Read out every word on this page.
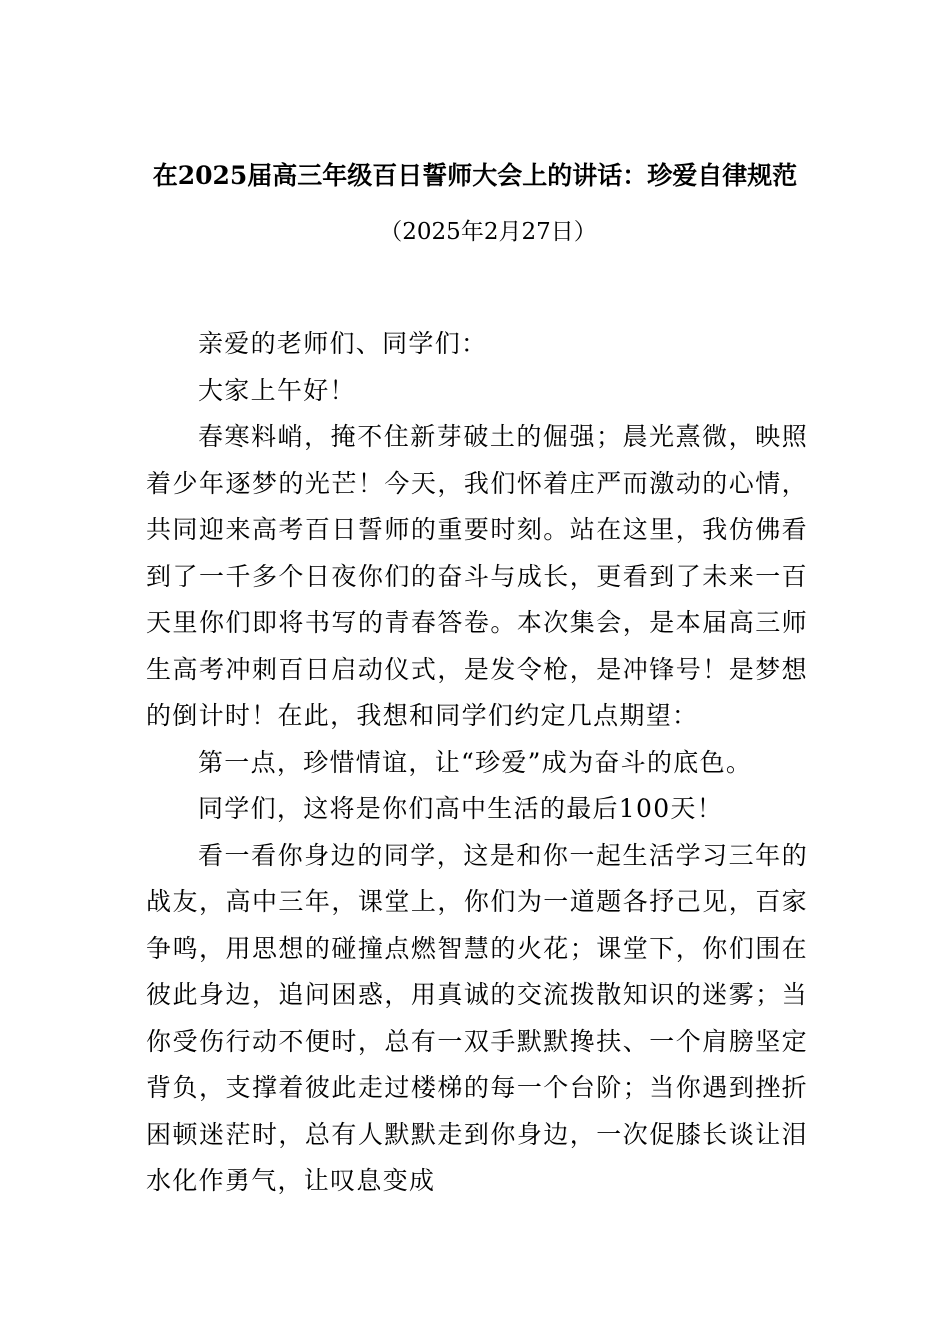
在2025届高三年级百日誓师大会上的讲话：珍爱自律规范
（2025年2月27日）

亲爱的老师们、同学们：

大家上午好！

春寒料峭，掩不住新芽破土的倔强；晨光熹微，映照着少年逐梦的光芒！今天，我们怀着庄严而激动的心情，共同迎来高考百日誓师的重要时刻。站在这里，我仿佛看到了一千多个日夜你们的奋斗与成长，更看到了未来一百天里你们即将书写的青春答卷。本次集会，是本届高三师生高考冲刺百日启动仪式，是发令枪，是冲锋号！是梦想的倒计时！在此，我想和同学们约定几点期望：

第一点，珍惜情谊，让“珍爱”成为奋斗的底色。

同学们，这将是你们高中生活的最后100天！

看一看你身边的同学，这是和你一起生活学习三年的战友，高中三年，课堂上，你们为一道题各抒己见，百家争鸣，用思想的碰撞点燃智慧的火花；课堂下，你们围在彼此身边，追问困惑，用真诚的交流拨散知识的迷雾；当你受伤行动不便时，总有一双手默默搀扶、一个肩膀坚定背负，支撑着彼此走过楼梯的每一个台阶；当你遇到挫折困顿迷茫时，总有人默默走到你身边，一次促膝长谈让泪水化作勇气，让叹息变成
